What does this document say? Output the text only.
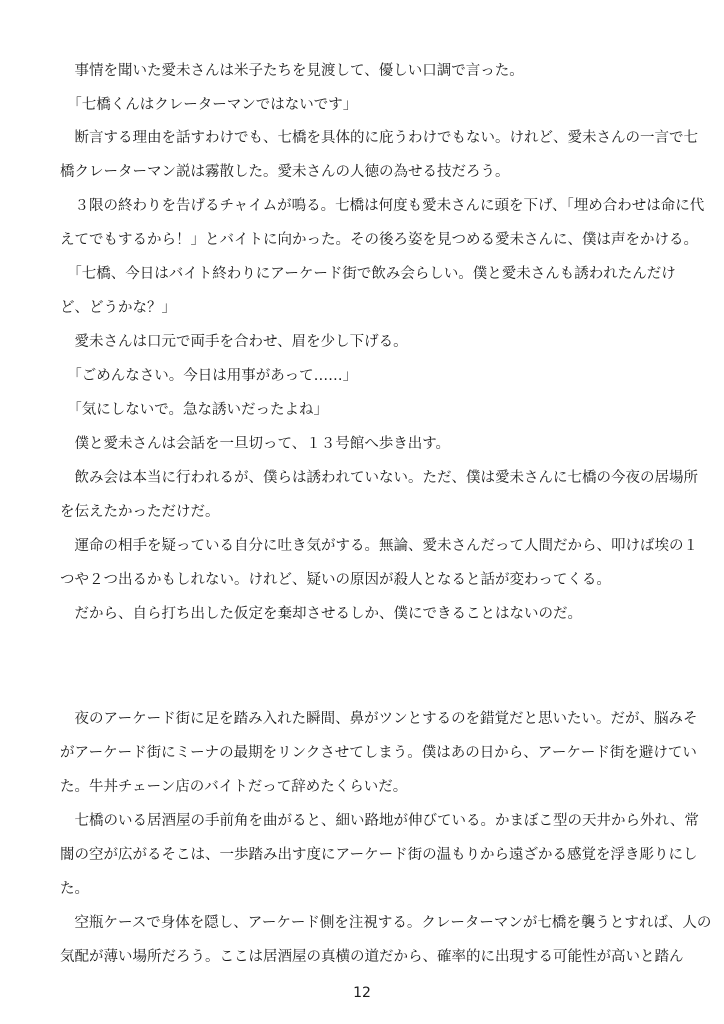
　事情を聞いた愛未さんは米子たちを見渡して、優しい口調で言った。
　「七橋くんはクレーターマンではないです」
　断言する理由を話すわけでも、七橋を具体的に庇うわけでもない。けれど、愛未さんの一言で七
橋クレーターマン説は霧散した。愛未さんの人徳の為せる技だろう。
　３限の終わりを告げるチャイムが鳴る。七橋は何度も愛未さんに頭を下げ、「埋め合わせは命に代
えてでもするから！」とバイトに向かった。その後ろ姿を見つめる愛未さんに、僕は声をかける。
　「七橋、今日はバイト終わりにアーケード街で飲み会らしい。僕と愛未さんも誘われたんだけ
ど、どうかな？」
　愛未さんは口元で両手を合わせ、眉を少し下げる。
　「ごめんなさい。今日は用事があって……」
　「気にしないで。急な誘いだったよね」
　僕と愛未さんは会話を一旦切って、１３号館へ歩き出す。
　飲み会は本当に行われるが、僕らは誘われていない。ただ、僕は愛未さんに七橋の今夜の居場所
を伝えたかっただけだ。
　運命の相手を疑っている自分に吐き気がする。無論、愛未さんだって人間だから、叩けば埃の１
つや２つ出るかもしれない。けれど、疑いの原因が殺人となると話が変わってくる。
　だから、自ら打ち出した仮定を棄却させるしか、僕にできることはないのだ。
　夜のアーケード街に足を踏み入れた瞬間、鼻がツンとするのを錯覚だと思いたい。だが、脳みそ
がアーケード街にミーナの最期をリンクさせてしまう。僕はあの日から、アーケード街を避けてい
た。牛丼チェーン店のバイトだって辞めたくらいだ。
　七橋のいる居酒屋の手前角を曲がると、細い路地が伸びている。かまぼこ型の天井から外れ、常
闇の空が広がるそこは、一歩踏み出す度にアーケード街の温もりから遠ざかる感覚を浮き彫りにし
た。
　空瓶ケースで身体を隠し、アーケード側を注視する。クレーターマンが七橋を襲うとすれば、人の
気配が薄い場所だろう。ここは居酒屋の真横の道だから、確率的に出現する可能性が高いと踏ん
12
